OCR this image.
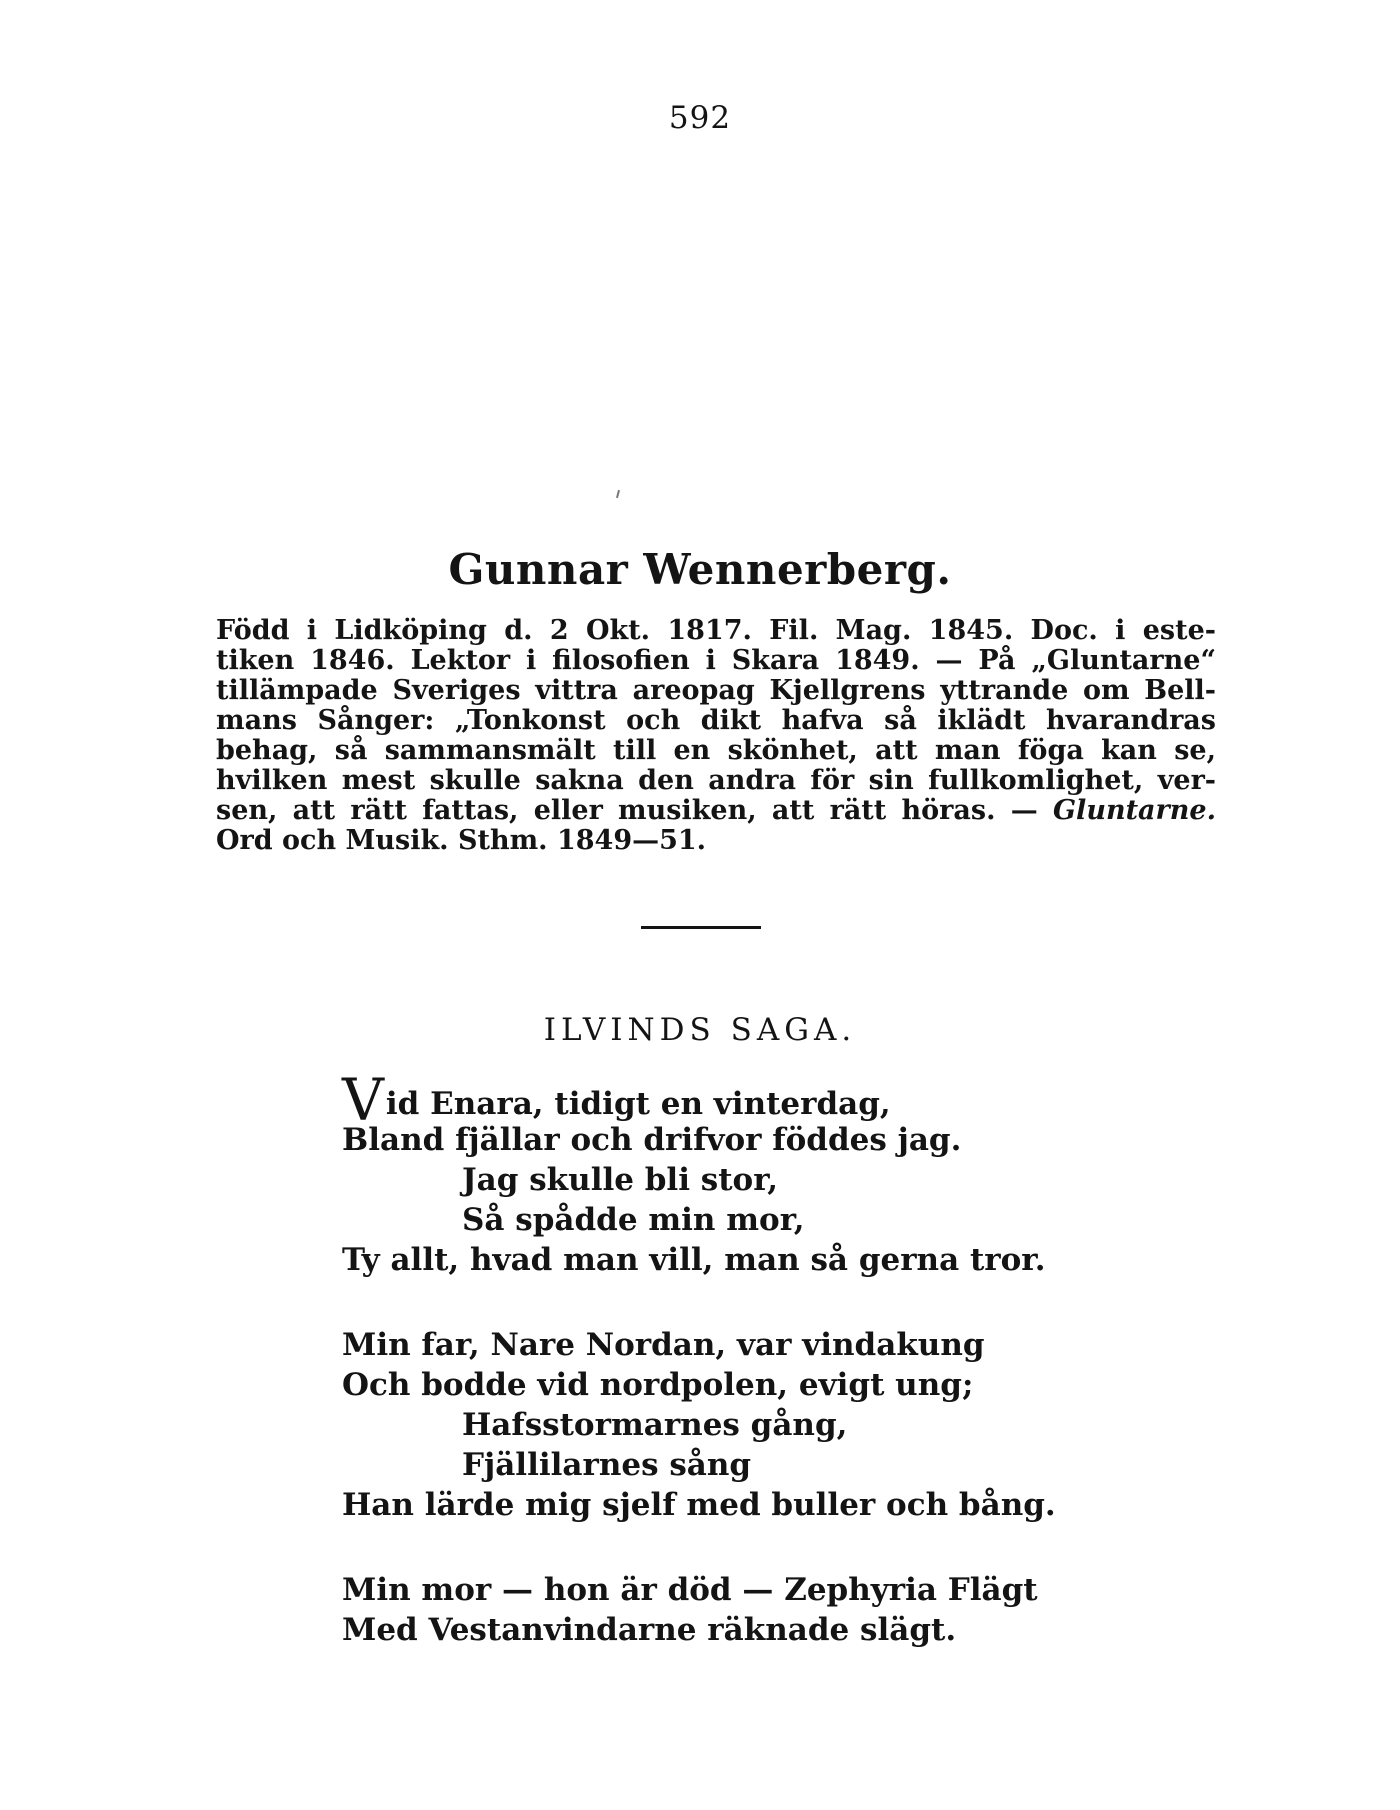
592
Gunnar Wennerberg.
Född i Lidköping d. 2 Okt. 1817. Fil. Mag. 1845. Doc. i este-
tiken 1846. Lektor i filosofien i Skara 1849. — På „Gluntarne“
tillämpade Sveriges vittra areopag Kjellgrens yttrande om Bell-
mans Sånger: „Tonkonst och dikt hafva så iklädt hvarandras
behag, så sammansmält till en skönhet, att man föga kan se,
hvilken mest skulle sakna den andra för sin fullkomlighet, ver-
sen, att rätt fattas, eller musiken, att rätt höras. — Gluntarne.
Ord och Musik. Sthm. 1849—51.
ILVINDS SAGA.
Vid Enara, tidigt en vinterdag,
Bland fjällar och drifvor föddes jag.
Jag skulle bli stor,
Så spådde min mor,
Ty allt, hvad man vill, man så gerna tror.
Min far, Nare Nordan, var vindakung
Och bodde vid nordpolen, evigt ung;
Hafsstormarnes gång,
Fjällilarnes sång
Han lärde mig sjelf med buller och bång.
Min mor — hon är död — Zephyria Flägt
Med Vestanvindarne räknade slägt.
